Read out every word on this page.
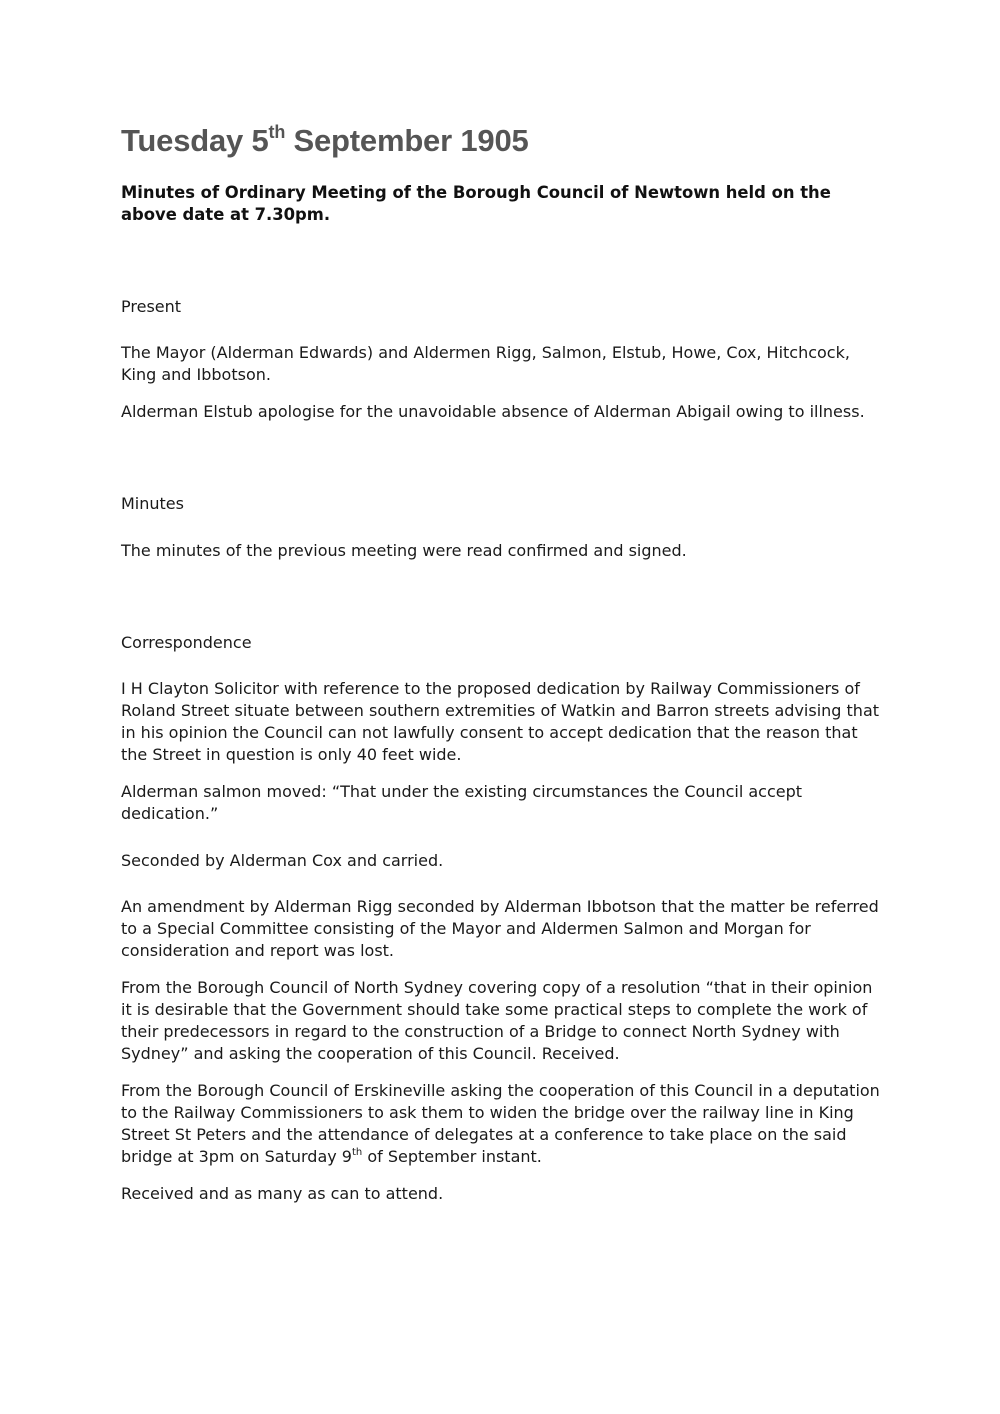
Tuesday 5th September 1905

Minutes of Ordinary Meeting of the Borough Council of Newtown held on the above date at 7.30pm.

Present

The Mayor (Alderman Edwards) and Aldermen Rigg, Salmon, Elstub, Howe, Cox, Hitchcock, King and Ibbotson.

Alderman Elstub apologise for the unavoidable absence of Alderman Abigail owing to illness.

Minutes

The minutes of the previous meeting were read confirmed and signed.

Correspondence

I H Clayton Solicitor with reference to the proposed dedication by Railway Commissioners of Roland Street situate between southern extremities of Watkin and Barron streets advising that in his opinion the Council can not lawfully consent to accept dedication that the reason that the Street in question is only 40 feet wide.

Alderman salmon moved: “That under the existing circumstances the Council accept dedication.”

Seconded by Alderman Cox and carried.

An amendment by Alderman Rigg seconded by Alderman Ibbotson that the matter be referred to a Special Committee consisting of the Mayor and Aldermen Salmon and Morgan for consideration and report was lost.

From the Borough Council of North Sydney covering copy of a resolution “that in their opinion it is desirable that the Government should take some practical steps to complete the work of their predecessors in regard to the construction of a Bridge to connect North Sydney with Sydney” and asking the cooperation of this Council. Received.

From the Borough Council of Erskineville asking the cooperation of this Council in a deputation to the Railway Commissioners to ask them to widen the bridge over the railway line in King Street St Peters and the attendance of delegates at a conference to take place on the said bridge at 3pm on Saturday 9th of September instant.

Received and as many as can to attend.
